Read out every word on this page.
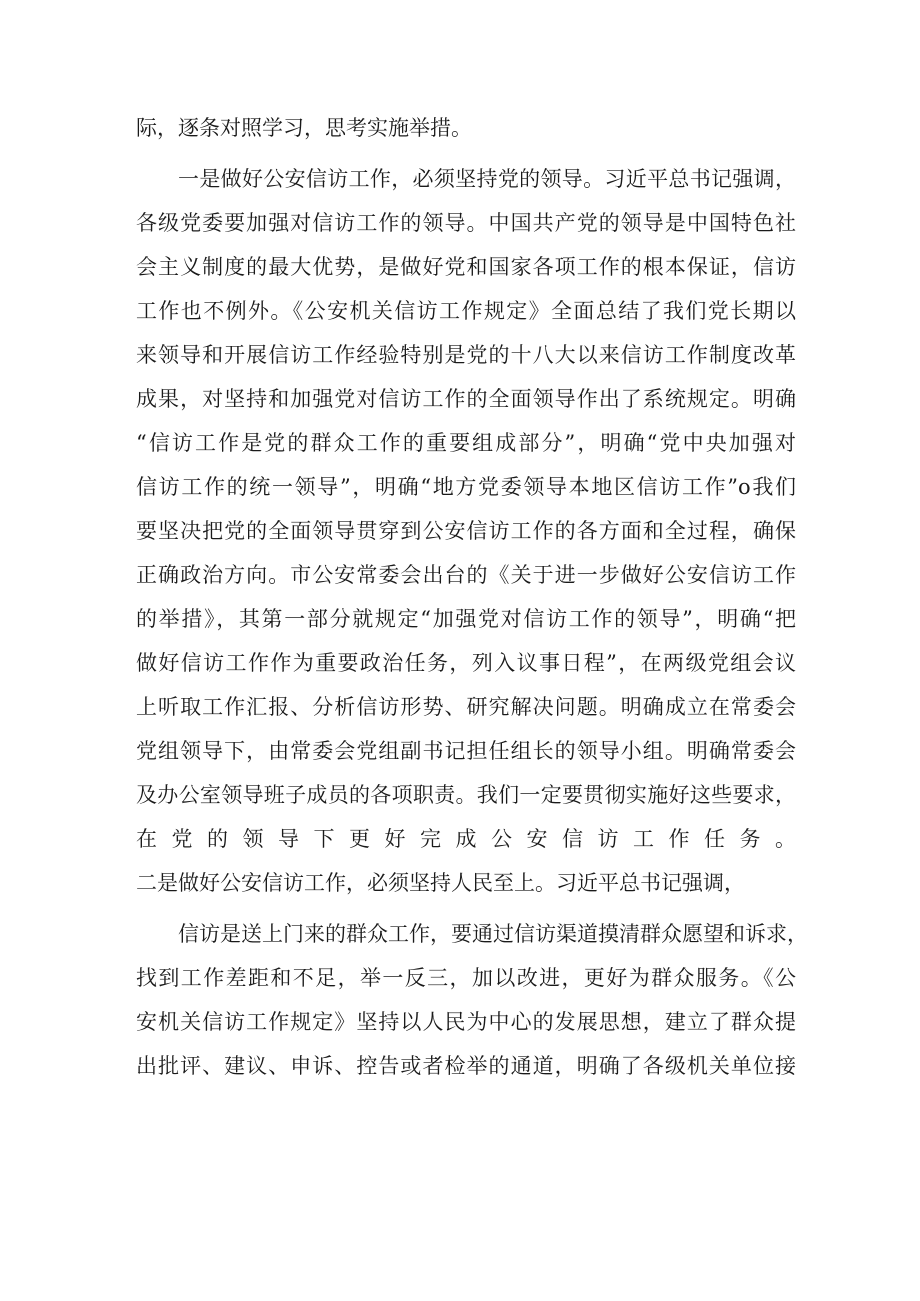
际，逐条对照学习，思考实施举措。
一是做好公安信访工作，必须坚持党的领导。习近平总书记强调，
各级党委要加强对信访工作的领导。中国共产党的领导是中国特色社
会主义制度的最大优势，是做好党和国家各项工作的根本保证，信访
工作也不例外。《公安机关信访工作规定》全面总结了我们党长期以
来领导和开展信访工作经验特别是党的十八大以来信访工作制度改革
成果，对坚持和加强党对信访工作的全面领导作出了系统规定。明确
“信访工作是党的群众工作的重要组成部分”，明确“党中央加强对
信访工作的统一领导”，明确“地方党委领导本地区信访工作”o我们
要坚决把党的全面领导贯穿到公安信访工作的各方面和全过程，确保
正确政治方向。市公安常委会出台的《关于进一步做好公安信访工作
的举措》，其第一部分就规定“加强党对信访工作的领导”，明确“把
做好信访工作作为重要政治任务，列入议事日程”，在两级党组会议
上听取工作汇报、分析信访形势、研究解决问题。明确成立在常委会
党组领导下，由常委会党组副书记担任组长的领导小组。明确常委会
及办公室领导班子成员的各项职责。我们一定要贯彻实施好这些要求，
在党的领导下更好完成公安信访工作任务。
二是做好公安信访工作，必须坚持人民至上。习近平总书记强调，
信访是送上门来的群众工作，要通过信访渠道摸清群众愿望和诉求，
找到工作差距和不足，举一反三，加以改进，更好为群众服务。《公
安机关信访工作规定》坚持以人民为中心的发展思想，建立了群众提
出批评、建议、申诉、控告或者检举的通道，明确了各级机关单位接
